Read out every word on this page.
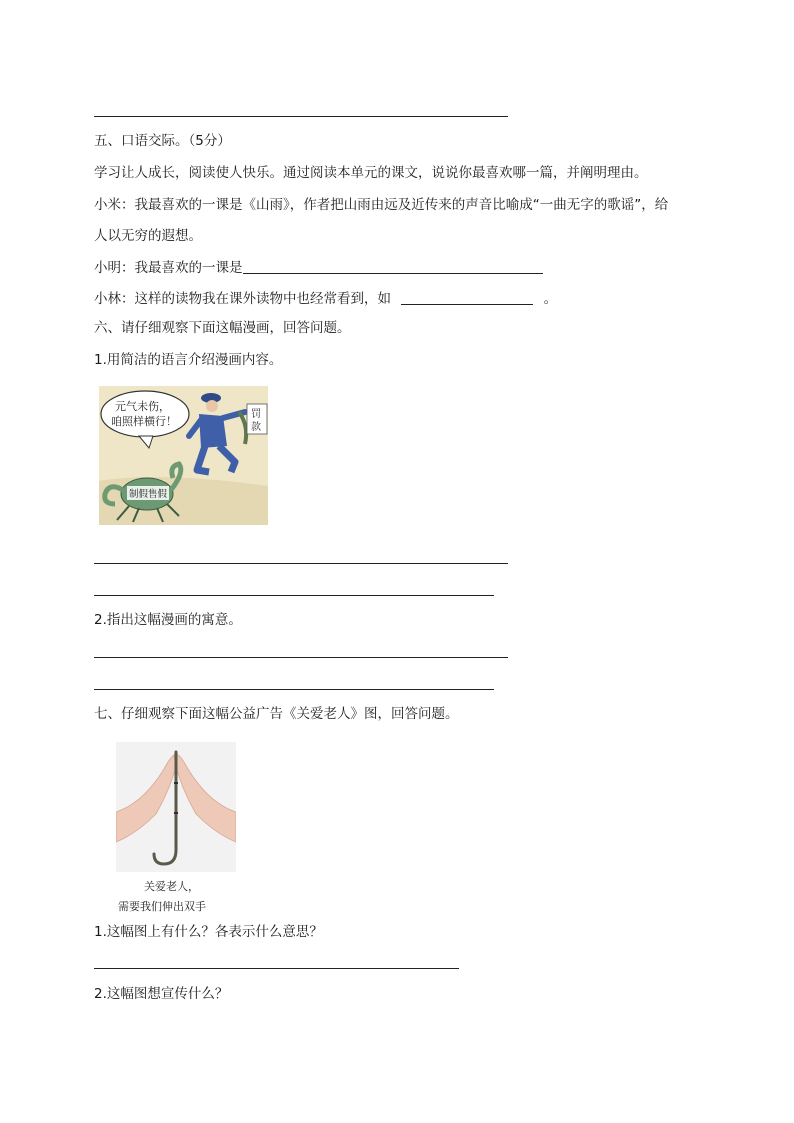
五、口语交际。（5分）
学习让人成长，阅读使人快乐。通过阅读本单元的课文，说说你最喜欢哪一篇，并阐明理由。
小米：我最喜欢的一课是《山雨》，作者把山雨由远及近传来的声音比喻成“一曲无字的歌谣”，给
人以无穷的遐想。
小明：我最喜欢的一课是
小林：这样的读物我在课外读物中也经常看到，如	。
六、请仔细观察下面这幅漫画，回答问题。
1.用简洁的语言介绍漫画内容。
元气未伤，
咱照样横行！
罚
款
制假售假
2.指出这幅漫画的寓意。
七、仔细观察下面这幅公益广告《关爱老人》图，回答问题。
关爱老人，
需要我们伸出双手
1.这幅图上有什么？各表示什么意思？
2.这幅图想宣传什么？
